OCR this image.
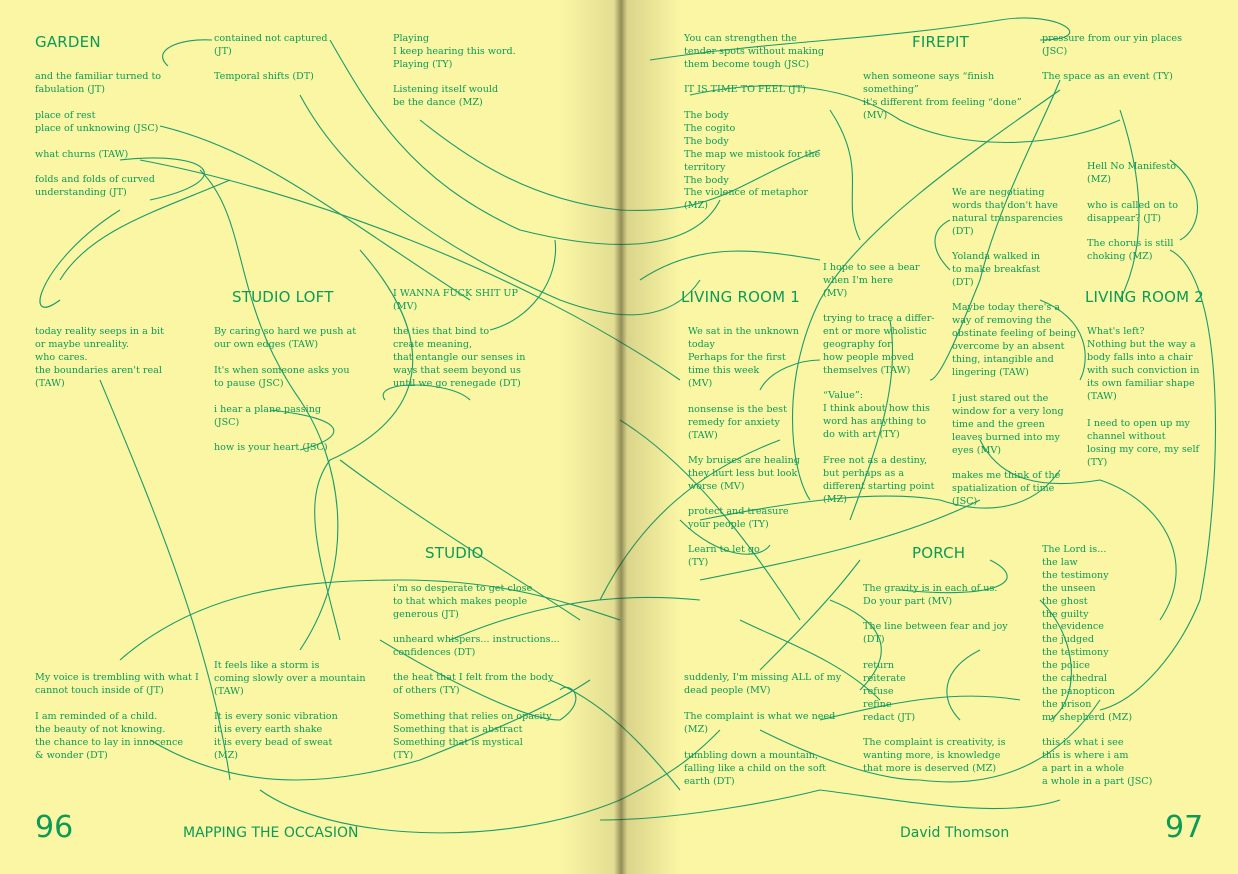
GARDEN
STUDIO LOFT
STUDIO
FIREPIT
LIVING ROOM 1	LIVING ROOM 2
PORCH
and the familiar turned to
fabulation (JT)
place of rest
place of unknowing (JSC)
what churns (TAW)
folds and folds of curved
understanding (JT)
contained not captured
(JT)
Temporal shifts (DT)
Playing
I keep hearing this word.
Playing (TY)
Listening itself would
be the dance (MZ)
today reality seeps in a bit
or maybe unreality.
who cares.
the boundaries aren't real
(TAW)
By caring so hard we push at
our own edges (TAW)
It's when someone asks you
to pause (JSC)
i hear a plane passing
(JSC)
how is your heart (JSC)
I WANNA FUCK SHIT UP
(MV)
the ties that bind to
create meaning,
that entangle our senses in
ways that seem beyond us
until we go renegade (DT)
i'm so desperate to get close
to that which makes people
generous (JT)
unheard whispers... instructions...
confidences (DT)
My voice is trembling with what I
cannot touch inside of (JT)
I am reminded of a child.
the beauty of not knowing.
the chance to lay in innocence
& wonder (DT)
It feels like a storm is
coming slowly over a mountain
(TAW)
It is every sonic vibration
it is every earth shake
it is every bead of sweat
(MZ)
the heat that I felt from the body
of others (TY)
Something that relies on opacity
Something that is abstract
Something that is mystical
(TY)
You can strengthen the
tender spots without making
them become tough (JSC)
IT IS TIME TO FEEL (JT)
The body
The cogito
The body
The map we mistook for the
territory
The body
The violence of metaphor
(MZ)
when someone says “finish
something”
it's different from feeling “done”
(MV)
pressure from our yin places
(JSC)
The space as an event (TY)
Hell No Manifesto
(MZ)
who is called on to
disappear? (JT)
The chorus is still
choking (MZ)
We are negotiating
words that don't have
natural transparencies
(DT)
Yolanda walked in
to make breakfast
(DT)
I hope to see a bear
when I'm here
(MV)
trying to trace a differ-
ent or more wholistic
geography for
how people moved
themselves (TAW)
Maybe today there's a
way of removing the
obstinate feeling of being
overcome by an absent
thing, intangible and
lingering (TAW)
We sat in the unknown
today
Perhaps for the first
time this week
(MV)
nonsense is the best
remedy for anxiety
(TAW)
“Value”:
I think about how this
word has anything to
do with art (TY)
I just stared out the
window for a very long
time and the green
leaves burned into my
eyes (MV)
What's left?
Nothing but the way a
body falls into a chair
with such conviction in
its own familiar shape
(TAW)
I need to open up my
channel without
losing my core, my self
(TY)
My bruises are healing
they hurt less but look
worse (MV)
Free not as a destiny,
but perhaps as a
different starting point
(MZ)
makes me think of the
spatialization of time
(JSC)
protect and treasure
your people (TY)
Learn to let go
(TY)
The gravity is in each of us.
Do your part (MV)
The line between fear and joy
(DT)
The Lord is...
the law
the testimony
the unseen
the ghost
the guilty
the evidence
the judged
the testimony
the police
the cathedral
the panopticon
the prison
my shepherd (MZ)
return
reiterate
refuse
refine
redact (JT)
suddenly, I'm missing ALL of my
dead people (MV)
The complaint is what we need
(MZ)
tumbling down a mountain,
falling like a child on the soft
earth (DT)
The complaint is creativity, is
wanting more, is knowledge
that more is deserved (MZ)
this is what i see
this is where i am
a part in a whole
a whole in a part (JSC)
96	MAPPING THE OCCASION	David Thomson	97
